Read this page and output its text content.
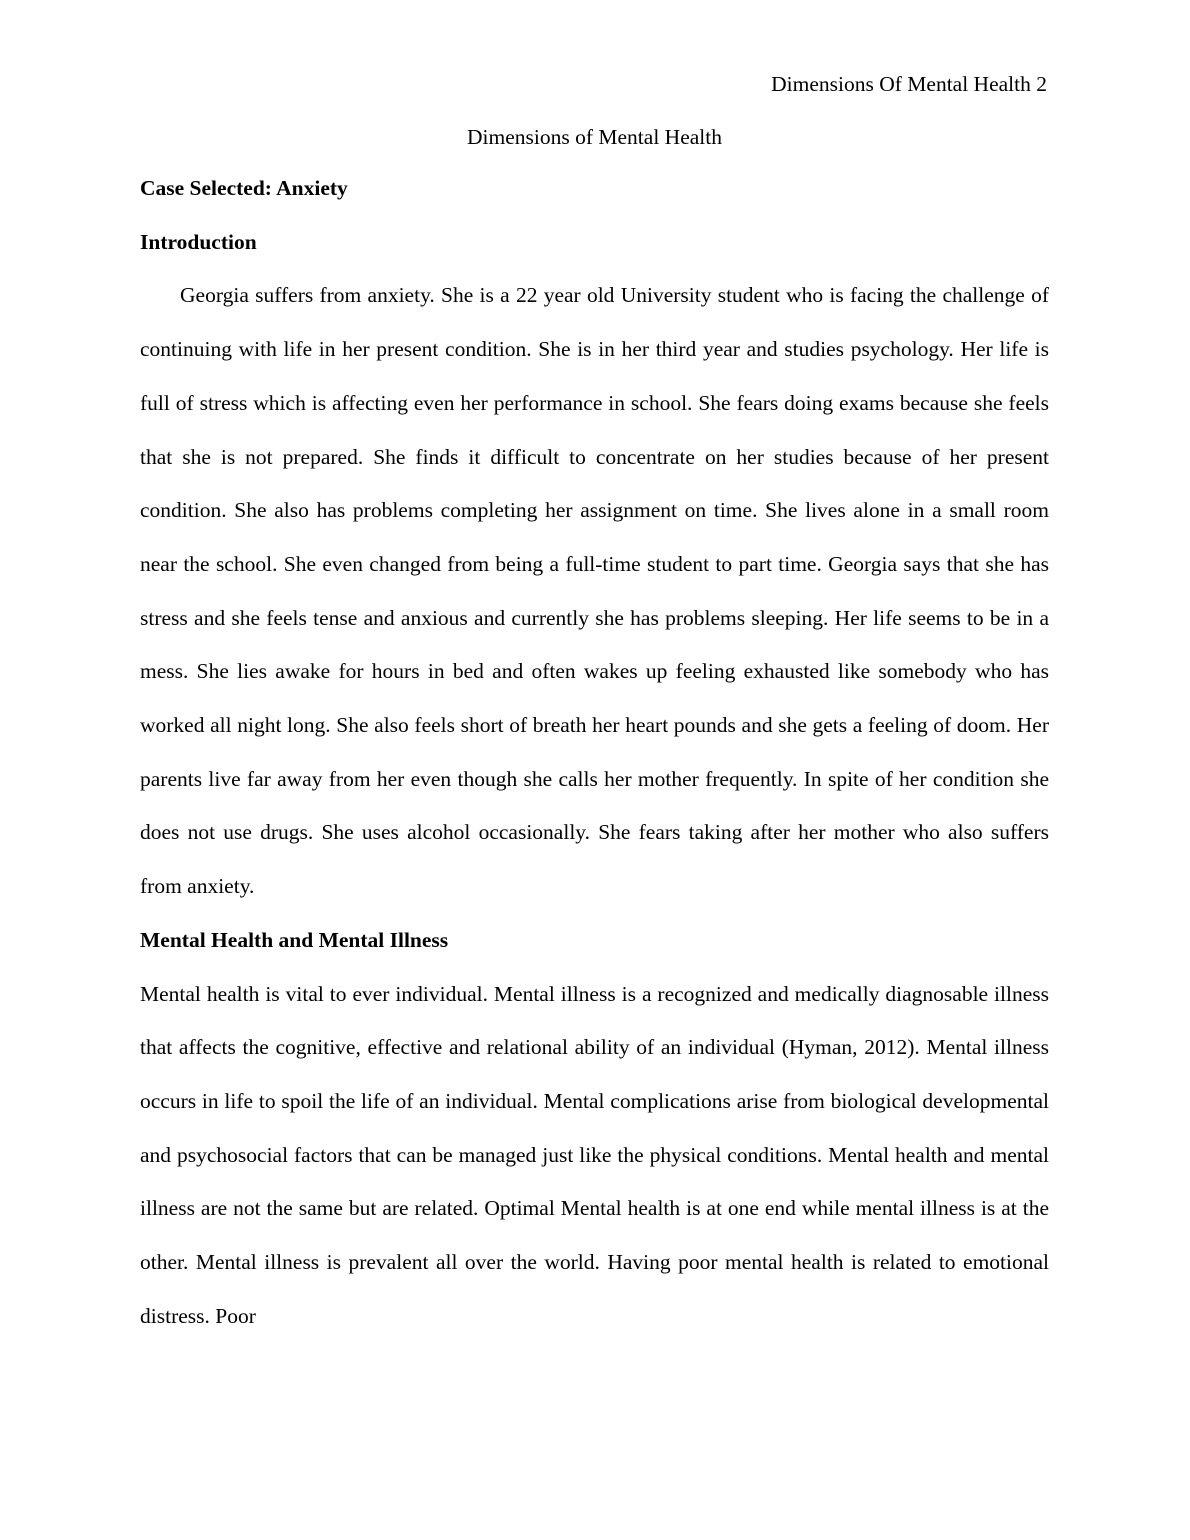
Dimensions Of Mental Health 2
Dimensions of Mental Health
Case Selected: Anxiety
Introduction

Georgia suffers from anxiety. She is a 22 year old University student who is facing the challenge of continuing with life in her present condition. She is in her third year and studies psychology. Her life is full of stress which is affecting even her performance in school. She fears doing exams because she feels that she is not prepared. She finds it difficult to concentrate on her studies because of her present condition. She also has problems completing her assignment on time. She lives alone in a small room near the school. She even changed from being a full-time student to part time. Georgia says that she has stress and she feels tense and anxious and currently she has problems sleeping. Her life seems to be in a mess. She lies awake for hours in bed and often wakes up feeling exhausted like somebody who has worked all night long. She also feels short of breath her heart pounds and she gets a feeling of doom. Her parents live far away from her even though she calls her mother frequently. In spite of her condition she does not use drugs. She uses alcohol occasionally. She fears taking after her mother who also suffers from anxiety.

Mental Health and Mental Illness

Mental health is vital to ever individual. Mental illness is a recognized and medically diagnosable illness that affects the cognitive, effective and relational ability of an individual (Hyman, 2012). Mental illness occurs in life to spoil the life of an individual. Mental complications arise from biological developmental and psychosocial factors that can be managed just like the physical conditions. Mental health and mental illness are not the same but are related. Optimal Mental health is at one end while mental illness is at the other. Mental illness is prevalent all over the world. Having poor mental health is related to emotional distress. Poor
